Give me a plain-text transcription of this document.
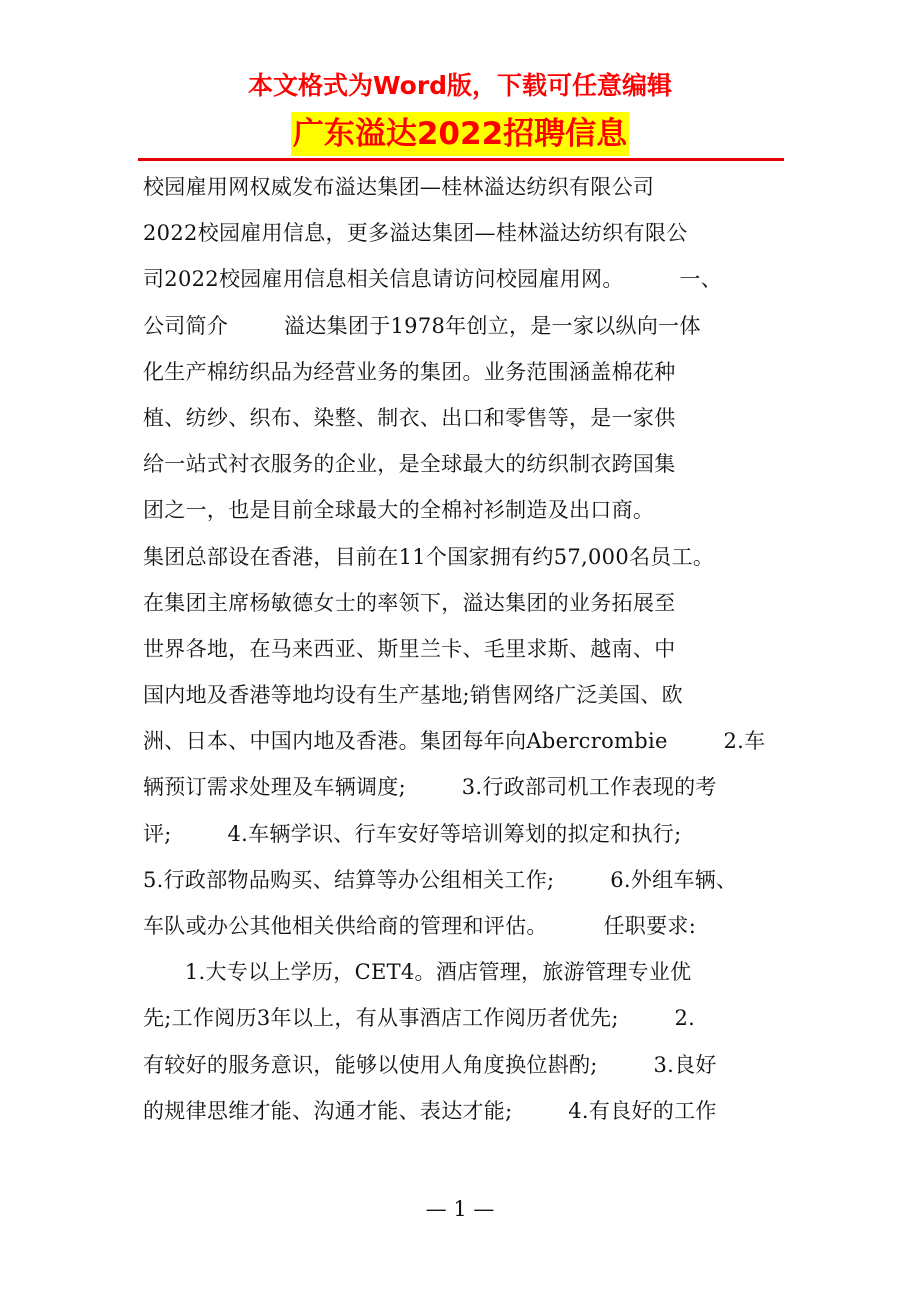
本文格式为Word版，下载可任意编辑
广东溢达2022招聘信息
校园雇用网权威发布溢达集团—桂林溢达纺织有限公司
2022校园雇用信息，更多溢达集团—桂林溢达纺织有限公
司2022校园雇用信息相关信息请访问校园雇用网。        一、
公司简介        溢达集团于1978年创立，是一家以纵向一体
化生产棉纺织品为经营业务的集团。业务范围涵盖棉花种
植、纺纱、织布、染整、制衣、出口和零售等，是一家供
给一站式衬衣服务的企业，是全球最大的纺织制衣跨国集
团之一，也是目前全球最大的全棉衬衫制造及出口商。
集团总部设在香港，目前在11个国家拥有约57,000名员工。
在集团主席杨敏德女士的率领下，溢达集团的业务拓展至
世界各地，在马来西亚、斯里兰卡、毛里求斯、越南、中
国内地及香港等地均设有生产基地;销售网络广泛美国、欧
洲、日本、中国内地及香港。集团每年向Abercrombie        2.车
辆预订需求处理及车辆调度;        3.行政部司机工作表现的考
评;        4.车辆学识、行车安好等培训筹划的拟定和执行;
5.行政部物品购买、结算等办公组相关工作;        6.外组车辆、
车队或办公其他相关供给商的管理和评估。        任职要求:
1.大专以上学历，CET4。酒店管理，旅游管理专业优
先;工作阅历3年以上，有从事酒店工作阅历者优先;        2.
有较好的服务意识，能够以使用人角度换位斟酌;        3.良好
的规律思维才能、沟通才能、表达才能;        4.有良好的工作
— 1 —
